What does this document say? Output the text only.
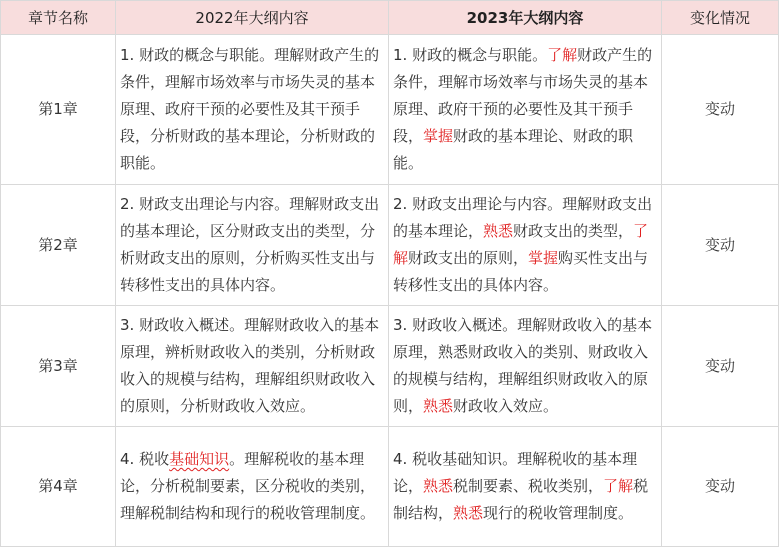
章节名称	2022年大纲内容	2023年大纲内容	变化情况
第1章	1. 财政的概念与职能。理解财政产生的条件，理解市场效率与市场失灵的基本原理、政府干预的必要性及其干预手段，分析财政的基本理论，分析财政的职能。	1. 财政的概念与职能。了解财政产生的条件，理解市场效率与市场失灵的基本原理、政府干预的必要性及其干预手段，掌握财政的基本理论、财政的职能。	变动
第2章	2. 财政支出理论与内容。理解财政支出的基本理论，区分财政支出的类型，分析财政支出的原则，分析购买性支出与转移性支出的具体内容。	2. 财政支出理论与内容。理解财政支出的基本理论，熟悉财政支出的类型，了解财政支出的原则，掌握购买性支出与转移性支出的具体内容。	变动
第3章	3. 财政收入概述。理解财政收入的基本原理，辨析财政收入的类别，分析财政收入的规模与结构，理解组织财政收入的原则，分析财政收入效应。	3. 财政收入概述。理解财政收入的基本原理，熟悉财政收入的类别、财政收入的规模与结构，理解组织财政收入的原则，熟悉财政收入效应。	变动
第4章	4. 税收基础知识。理解税收的基本理论，分析税制要素，区分税收的类别，理解税制结构和现行的税收管理制度。	4. 税收基础知识。理解税收的基本理论，熟悉税制要素、税收类别，了解税制结构，熟悉现行的税收管理制度。	变动
